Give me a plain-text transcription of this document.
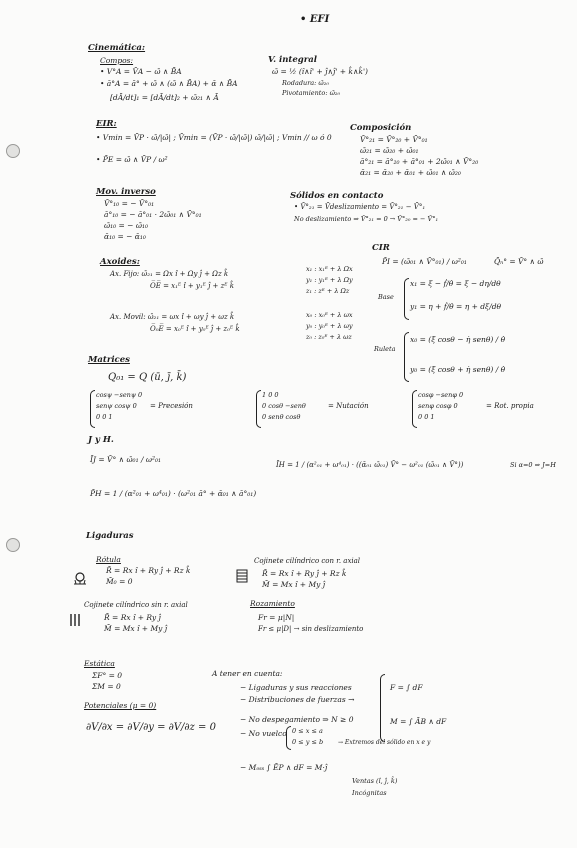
• EFI
Cinemática:
Compos:
• V°A = V̄A − ω̄ ∧ B̄A
• ā°A = ā° + ω̄ ∧ (ω̄ ∧ B̄A) + ᾱ ∧ B̄A
[dĀ/dt]₁ = [dĀ/dt]₂ + ω̄₂₁ ∧ Ā
V. integral
ω̄ = ½ (î∧î' + ĵ∧ĵ' + k̂∧k̂')
Rodadura: ω̄₂₀
Pivotamiento: ω̄₂₀
EIR:
• Vmin = V̄P · ω̄/|ω̄| ; V̄min = (V̄P · ω̄/|ω̄|) ω̄/|ω̄| ; Vmin // ω ó 0
• P̄E = ω̄ ∧ V̄P / ω²
Composición
V̄°₂₁ = V̄°₂₀ + V̄°₀₁
ω̄₂₁ = ω̄₂₀ + ω̄₀₁
ā°₂₁ = ā°₂₀ + ā°₀₁ + 2ω̄₀₁ ∧ V̄°₂₀
ᾱ₂₁ = ᾱ₂₀ + ᾱ₀₁ + ω̄₀₁ ∧ ω̄₂₀
Mov. inverso
V̄°₁₀ = − V̄°₀₁
ā°₁₀ = − ā°₀₁ · 2ω̄₀₁ ∧ V̄°₀₁
ω̄₁₀ = − ω̄₁₀
ᾱ₁₀ = − ᾱ₁₀
Sólidos en contacto
• V̄°₂₁ = V̄deslizamiento = V̄°₂₁ − V̄°₁
No deslizamiento ⇒ V̄°₂₁ = 0 → V̄°₂₀ = − V̄°₁
Axoides:
Ax. Fijo: ω̄₂₁ = Ωx î + Ωy ĵ + Ωz k̂
O̅E̅ = x₁ᴱ î + y₁ᴱ ĵ + zᴱ k̂
x₁ : x₁ᴱ + λ Ωx
y₁ : y₁ᴱ + λ Ωy
z₁ : zᴱ + λ Ωz
Ax. Movil: ω̄₂₁ = ωx î + ωy ĵ + ωz k̂
O̅₀E̅ = x₀ᴱ î + y₀ᴱ ĵ + z₀ᴱ k̂
x₀ : x₀ᴱ + λ ωx
y₀ : y₀ᴱ + λ ωy
z₀ : z₀ᴱ + λ ωz
CIR
P̄I = (ω̄₀₁ ∧ V̄°₀₁) / ω²₀₁	Q̄ₙ° = V̄° ∧ ω̄
Base
x₁ = ξ − ḟ/θ̇ = ξ − dη/dθ
y₁ = η + ḟ/θ̇ = η + dξ/dθ
Ruleta
x₀ = (ξ̇ cosθ − η̇ senθ) / θ̇
y₀ = (ξ̇ cosθ + η̇ senθ) / θ̇
Matrices
Q₀₁ = Q (ū, ȷ̄, k̄)
cosψ −senψ 0
senψ cosψ 0
0 0 1
= Precesión
1 0 0
0 cosθ −senθ
0 senθ cosθ
= Nutación
cosφ −senφ 0
senφ cosφ 0
0 0 1
= Rot. propia
J y H.
ĪJ = V̄° ∧ ω̄₀₁ / ω²₀₁
P̄H = 1 / (α²₀₁ + ω⁴₀₁) · (ω²₀₁ ā° + ᾱ₀₁ ∧ ā°₀₁)
ĪH = 1 / (α²₀₁ + ω⁴₀₁) · ((ᾱ₀₁ ω̄₀₁) V̄° − ω²₀₁ (ω̄₀₁ ∧ V̄°))	Si α=0 ⇒ J=H
Ligaduras
Rótula
R̄ = Rx î + Ry ĵ + Rz k̂
M̄₀ = 0
Cojinete cilíndrico con r. axial
R̄ = Rx î + Ry ĵ + Rz k̂
M̄ = Mx î + My ĵ
Cojinete cilíndrico sin r. axial
R̄ = Rx î + Ry ĵ
M̄ = Mx î + My ĵ
Rozamiento
Fr = μ|N|
Fr ≤ μ|D| → sin deslizamiento
Estática
ΣF° = 0
ΣM = 0
Potenciales (μ = 0)
∂V/∂x = ∂V/∂y = ∂V/∂z = 0
A tener en cuenta:
− Ligaduras y sus reacciones
− Distribuciones de fuerzas →
− No despegamiento ⇒ N ≥ 0
− No vuelco 0 ≤ x ≤ a
0 ≤ y ≤ b → Extremos del sólido en x e y
F = ∫ dF
M = ∫ ĀB ∧ dF
− Mₒₛₛ ∫ ĒP ∧ dF = M·ĵ
Ventas (î, ĵ, k̂)
Incógnitas
